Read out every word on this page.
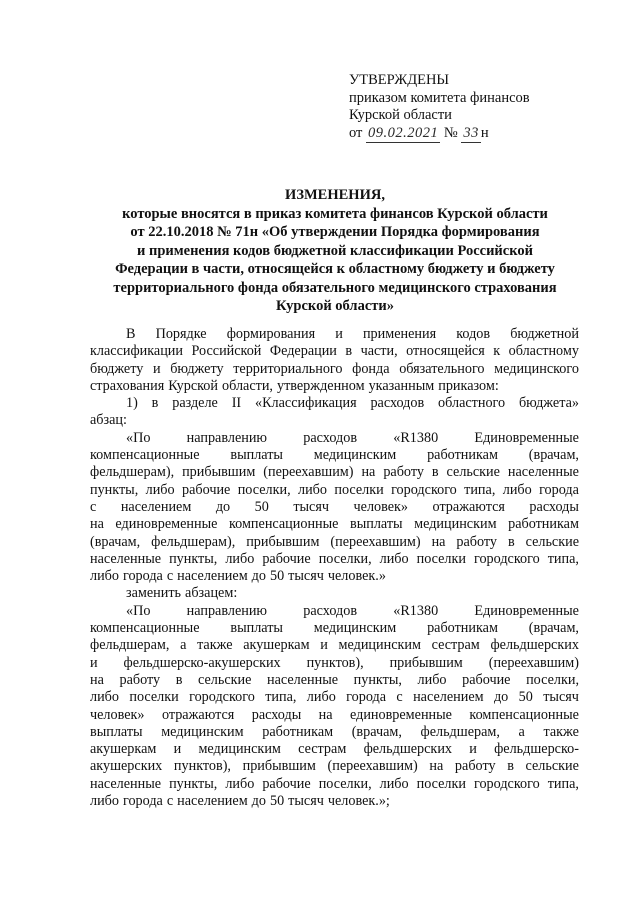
УТВЕРЖДЕНЫ
приказом комитета финансов
Курской области
от 09.02.2021 № 33 н
ИЗМЕНЕНИЯ,
которые вносятся в приказ комитета финансов Курской области
от 22.10.2018 № 71н «Об утверждении Порядка формирования
и применения кодов бюджетной классификации Российской
Федерации в части, относящейся к областному бюджету и бюджету
территориального фонда обязательного медицинского страхования
Курской области»
В Порядке формирования и применения кодов бюджетной
классификации Российской Федерации в части, относящейся к областному
бюджету и бюджету территориального фонда обязательного медицинского
страхования Курской области, утвержденном указанным приказом:
1) в разделе II «Классификация расходов областного бюджета»
абзац:
«По	направлению	расходов	«R1380	Единовременные
компенсационные выплаты медицинским работникам (врачам,
фельдшерам), прибывшим (переехавшим) на работу в сельские населенные
пункты, либо рабочие поселки, либо поселки городского типа, либо города
с населением до 50 тысяч человек» отражаются расходы
на единовременные компенсационные выплаты медицинским работникам
(врачам, фельдшерам), прибывшим (переехавшим) на работу в сельские
населенные пункты, либо рабочие поселки, либо поселки городского типа,
либо города с населением до 50 тысяч человек.»
заменить абзацем:
«По	направлению	расходов	«R1380	Единовременные
компенсационные выплаты медицинским работникам (врачам,
фельдшерам, а также акушеркам и медицинским сестрам фельдшерских
и фельдшерско-акушерских пунктов), прибывшим (переехавшим)
на работу в сельские населенные пункты, либо рабочие поселки,
либо поселки городского типа, либо города с населением до 50 тысяч
человек» отражаются расходы на единовременные компенсационные
выплаты медицинским работникам (врачам, фельдшерам, а также
акушеркам и медицинским сестрам фельдшерских и фельдшерско-
акушерских пунктов), прибывшим (переехавшим) на работу в сельские
населенные пункты, либо рабочие поселки, либо поселки городского типа,
либо города с населением до 50 тысяч человек.»;
